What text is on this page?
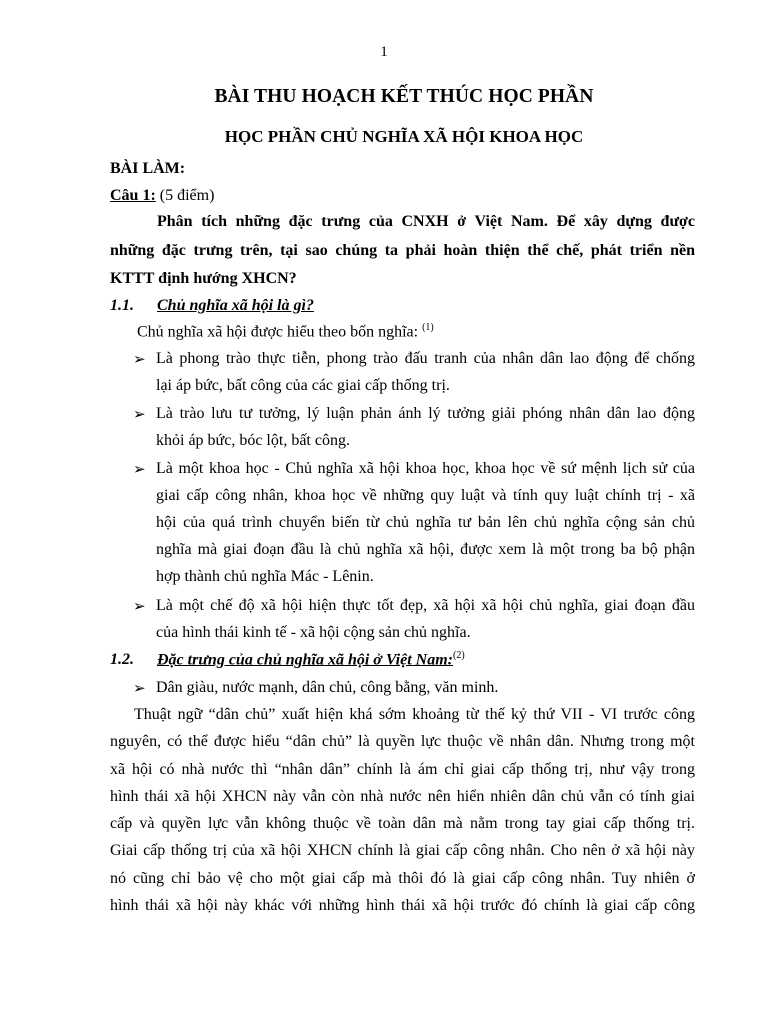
1
BÀI THU HOẠCH KẾT THÚC HỌC PHẦN
HỌC PHẦN CHỦ NGHĨA XÃ HỘI KHOA HỌC
BÀI LÀM:
Câu 1: (5 điểm)
Phân tích những đặc trưng của CNXH ở Việt Nam. Để xây dựng được
những đặc trưng trên, tại sao chúng ta phải hoàn thiện thể chế, phát triển nền
KTTT định hướng XHCN?
1.1. Chủ nghĩa xã hội là gì?
Chủ nghĩa xã hội được hiểu theo bốn nghĩa: $^{(1)}$
➢ Là phong trào thực tiễn, phong trào đấu tranh của nhân dân lao động để chống
lại áp bức, bất công của các giai cấp thống trị.
➢ Là trào lưu tư tưởng, lý luận phản ánh lý tưởng giải phóng nhân dân lao động
khỏi áp bức, bóc lột, bất công.
➢ Là một khoa học - Chủ nghĩa xã hội khoa học, khoa học về sứ mệnh lịch sử của
giai cấp công nhân, khoa học về những quy luật và tính quy luật chính trị - xã
hội của quá trình chuyển biến từ chủ nghĩa tư bản lên chủ nghĩa cộng sản chủ
nghĩa mà giai đoạn đầu là chủ nghĩa xã hội, được xem là một trong ba bộ phận
hợp thành chủ nghĩa Mác - Lênin.
➢ Là một chế độ xã hội hiện thực tốt đẹp, xã hội xã hội chủ nghĩa, giai đoạn đầu
của hình thái kinh tế - xã hội cộng sản chủ nghĩa.
1.2. Đặc trưng của chủ nghĩa xã hội ở Việt Nam:$^{(2)}$
➢ Dân giàu, nước mạnh, dân chủ, công bằng, văn minh.
Thuật ngữ “dân chủ” xuất hiện khá sớm khoảng từ thế kỷ thứ VII - VI trước công
nguyên, có thể được hiểu “dân chủ” là quyền lực thuộc về nhân dân. Nhưng trong một
xã hội có nhà nước thì “nhân dân” chính là ám chỉ giai cấp thống trị, như vậy trong
hình thái xã hội XHCN này vẫn còn nhà nước nên hiển nhiên dân chủ vẫn có tính giai
cấp và quyền lực vẫn không thuộc về toàn dân mà nằm trong tay giai cấp thống trị.
Giai cấp thống trị của xã hội XHCN chính là giai cấp công nhân. Cho nên ở xã hội này
nó cũng chỉ bảo vệ cho một giai cấp mà thôi đó là giai cấp công nhân. Tuy nhiên ở
hình thái xã hội này khác với những hình thái xã hội trước đó chính là giai cấp công
